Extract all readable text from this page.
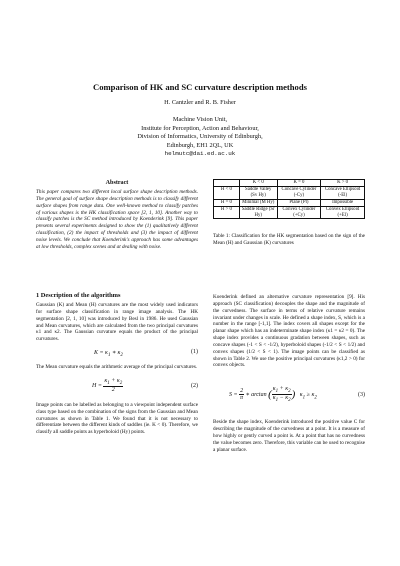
Comparison of HK and SC curvature description methods
H. Cantzler and R. B. Fisher
Machine Vision Unit,
Institute for Perception, Action and Behaviour,
Division of Informatics, University of Edinburgh,
Edinburgh, EH1 2QL, UK
helmutc@dai.ed.ac.uk
Abstract
This paper compares two different local surface shape description methods. The general goal of surface shape description methods is to classify different surface shapes from range data. One well-known method to classify patches of various shapes is the HK classification space [2, 1, 10]. Another way to classify patches is the SC method introduced by Koenderink [9]. This paper presents several experiments designed to show the (1) qualitatively different classification, (2) the impact of thresholds and (3) the impact of different noise levels. We conclude that Koenderink's approach has some advantages at low thresholds, complex scenes and at dealing with noise.
1 Description of the algorithms
Gaussian (K) and Mean (H) curvatures are the most widely used indicators for surface shape classification in range image analysis. The HK segmentation [2, 1, 10] was introduced by Besl in 1986. He used Gaussian and Mean curvatures, which are calculated from the two principal curvatures κ1 and κ2. The Gaussian curvature equals the product of the principal curvatures.
$K = \kappa_1$ ∗ $\kappa_2$
(1)
The Mean curvature equals the arithmetic average of the principal curvatures.
$H = \frac{\kappa_1 + \kappa_2}{2}$	(2)
Image points can be labelled as belonging to a viewpoint independent surface class type based on the combination of the signs from the Gaussian and Mean curvatures as shown in Table 1. We found that it is not necessary to differentiate between the different kinds of saddles (ie. K < 0). Therefore, we classify all saddle points as hyperboloid (Hy) points.
	K < 0	K = 0	K > 0
H < 0	Saddle Valley (Sv Hy)	Concave Cylinder (-Cy)	Concave Ellipsoid (-El)
H = 0	Minimal (M Hy)	Plane (Pl)	Impossible
H > 0	Saddle Ridge (Sr Hy)	Convex Cylinder (+Cy)	Convex Ellipsoid (+El)
Table 1: Classification for the HK segmentation based on the sign of the Mean (H) and Gaussian (K) curvatures
Koenderink defined an alternative curvature representation [9]. His approach (SC classification) decouples the shape and the magnitude of the curvedness. The surface in terms of relative curvature remains invariant under changes in scale. He defined a shape index, S, which is a number in the range [-1,1]. The index covers all shapes except for the planar shape which has an indeterminate shape index (κ1 = κ2 = 0). The shape index provides a continuous gradation between shapes, such as concave shapes (-1 < S < -1/2), hyperboloid shapes (-1/2 < S < 1/2) and convex shapes (1/2 < S < 1). The image points can be classified as shown in Table 2. We use the positive principal curvatures (κ1,2 > 0) for convex objects.
$S = \frac{2}{\pi}$ ∗ arctan ( $\frac{\kappa_1 + \kappa_2}{\kappa_1 - \kappa_2}$ )   $\kappa_1 \ge \kappa_2$	(3)
Beside the shape index, Koenderink introduced the positive value C for describing the magnitude of the curvedness at a point. It is a measure of how highly or gently curved a point is. At a point that has no curvedness the value becomes zero. Therefore, this variable can be used to recognise a planar surface.
